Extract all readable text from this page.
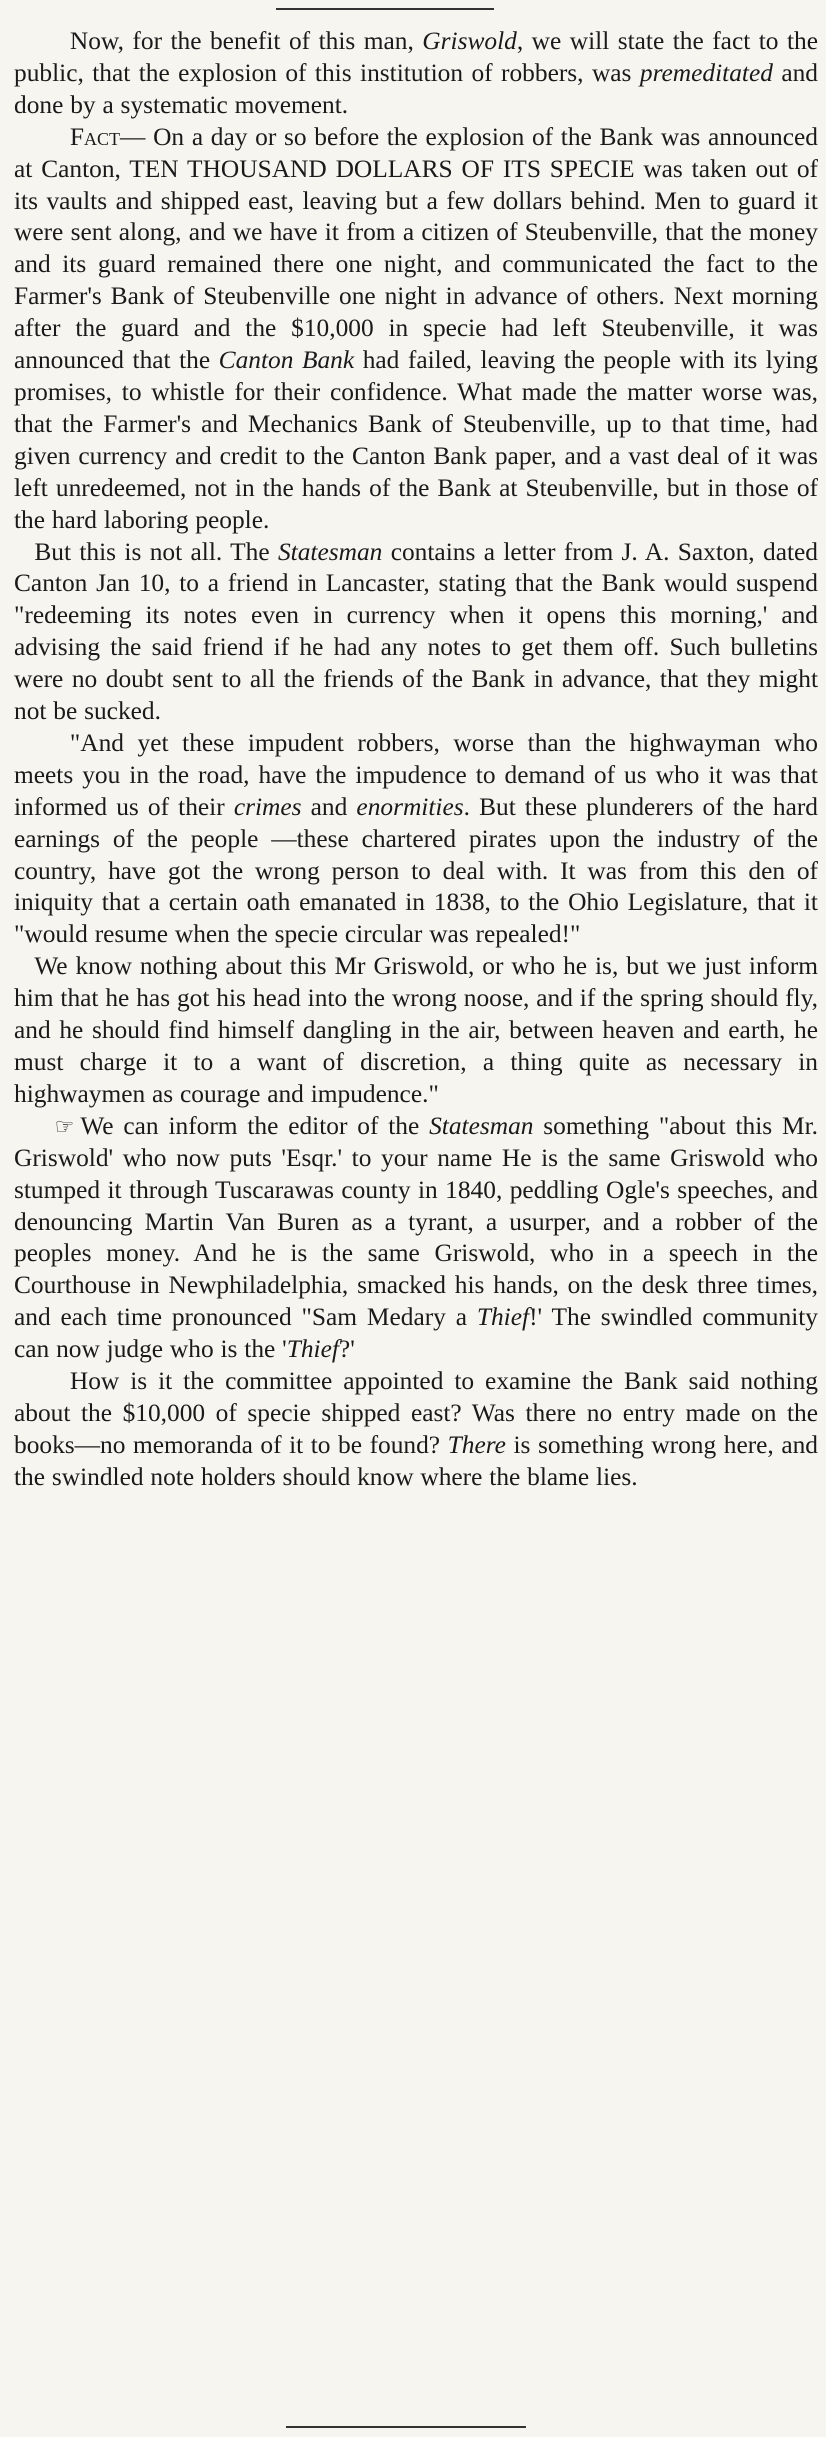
Now, for the benefit of this man, Griswold, we will state the fact to the public, that the explosion of this institution of robbers, was premeditated and done by a systematic movement.

Fact— On a day or so before the explosion of the Bank was announced at Canton, TEN THOUSAND DOLLARS OF ITS SPECIE was taken out of its vaults and shipped east, leaving but a few dollars behind. Men to guard it were sent along, and we have it from a citizen of Steubenville, that the money and its guard remained there one night, and communicated the fact to the Farmer's Bank of Steubenville one night in advance of others. Next morning after the guard and the $10,000 in specie had left Steubenville, it was announced that the Canton Bank had failed, leaving the people with its lying promises, to whistle for their confidence. What made the matter worse was, that the Farmer's and Mechanics Bank of Steubenville, up to that time, had given currency and credit to the Canton Bank paper, and a vast deal of it was left unredeemed, not in the hands of the Bank at Steubenville, but in those of the hard laboring people.

But this is not all. The Statesman contains a letter from J. A. Saxton, dated Canton Jan 10, to a friend in Lancaster, stating that the Bank would suspend "redeeming its notes even in currency when it opens this morning,' and advising the said friend if he had any notes to get them off. Such bulletins were no doubt sent to all the friends of the Bank in advance, that they might not be sucked.

"And yet these impudent robbers, worse than the highwayman who meets you in the road, have the impudence to demand of us who it was that informed us of their crimes and enormities. But these plunderers of the hard earnings of the people —these chartered pirates upon the industry of the country, have got the wrong person to deal with. It was from this den of iniquity that a certain oath emanated in 1838, to the Ohio Legislature, that it "would resume when the specie circular was repealed!"

We know nothing about this Mr Griswold, or who he is, but we just inform him that he has got his head into the wrong noose, and if the spring should fly, and he should find himself dangling in the air, between heaven and earth, he must charge it to a want of discretion, a thing quite as necessary in highwaymen as courage and impudence."

☞ We can inform the editor of the Statesman something "about this Mr. Griswold' who now puts 'Esqr.' to your name He is the same Griswold who stumped it through Tuscarawas county in 1840, peddling Ogle's speeches, and denouncing Martin Van Buren as a tyrant, a usurper, and a robber of the peoples money. And he is the same Griswold, who in a speech in the Courthouse in Newphiladelphia, smacked his hands, on the desk three times, and each time pronounced "Sam Medary a Thief!' The swindled community can now judge who is the 'Thief?'

How is it the committee appointed to examine the Bank said nothing about the $10,000 of specie shipped east? Was there no entry made on the books—no memoranda of it to be found? There is something wrong here, and the swindled note holders should know where the blame lies.
